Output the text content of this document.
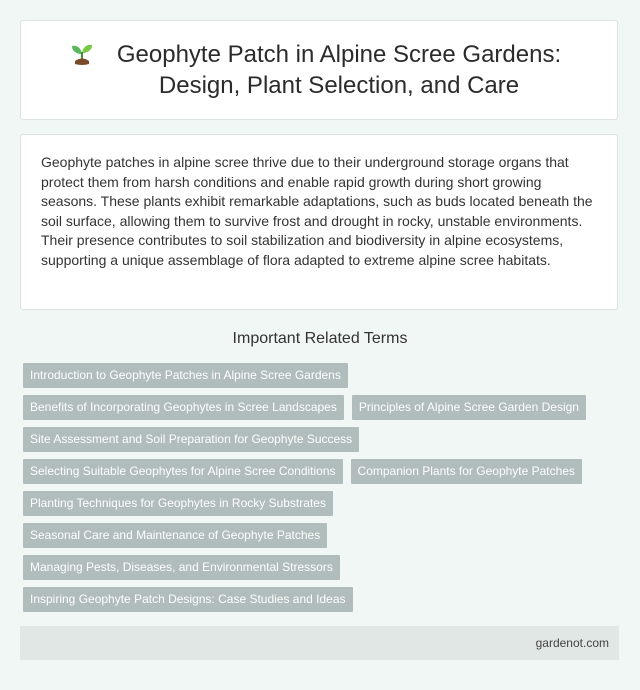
Geophyte Patch in Alpine Scree Gardens: Design, Plant Selection, and Care

Geophyte patches in alpine scree thrive due to their underground storage organs that protect them from harsh conditions and enable rapid growth during short growing seasons. These plants exhibit remarkable adaptations, such as buds located beneath the soil surface, allowing them to survive frost and drought in rocky, unstable environments. Their presence contributes to soil stabilization and biodiversity in alpine ecosystems, supporting a unique assemblage of flora adapted to extreme alpine scree habitats.

Important Related Terms
Introduction to Geophyte Patches in Alpine Scree Gardens
Benefits of Incorporating Geophytes in Scree Landscapes	Principles of Alpine Scree Garden Design
Site Assessment and Soil Preparation for Geophyte Success
Selecting Suitable Geophytes for Alpine Scree Conditions	Companion Plants for Geophyte Patches
Planting Techniques for Geophytes in Rocky Substrates
Seasonal Care and Maintenance of Geophyte Patches
Managing Pests, Diseases, and Environmental Stressors
Inspiring Geophyte Patch Designs: Case Studies and Ideas
gardenot.com
